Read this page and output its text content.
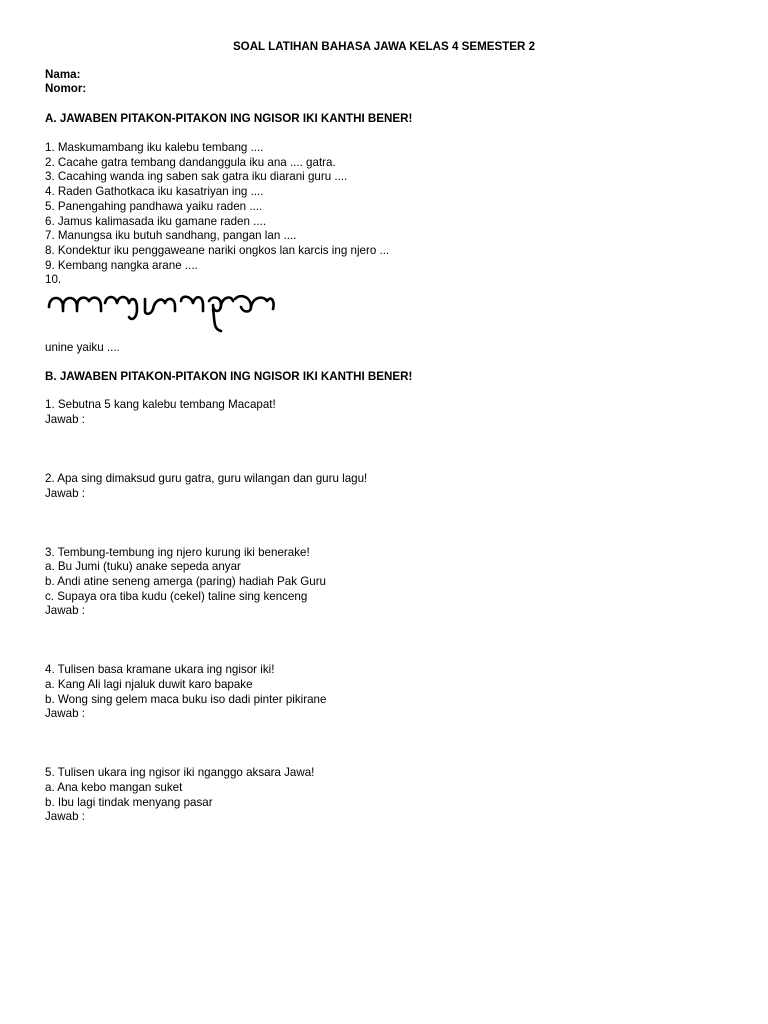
SOAL LATIHAN BAHASA JAWA KELAS 4 SEMESTER 2
Nama:
Nomor:
A. JAWABEN PITAKON-PITAKON ING NGISOR IKI KANTHI BENER!
1. Maskumambang iku kalebu tembang ....
2. Cacahe gatra tembang dandanggula iku ana .... gatra.
3. Cacahing wanda ing saben sak gatra iku diarani guru ....
4. Raden Gathotkaca iku kasatriyan ing ....
5. Panengahing pandhawa yaiku raden ....
6. Jamus kalimasada iku gamane raden ....
7. Manungsa iku butuh sandhang, pangan lan ....
8. Kondektur iku penggaweane nariki ongkos lan karcis ing njero ...
9. Kembang nangka arane ....
10.
unine yaiku ....
B. JAWABEN PITAKON-PITAKON ING NGISOR IKI KANTHI BENER!
1. Sebutna 5 kang kalebu tembang Macapat!
Jawab :
2. Apa sing dimaksud guru gatra, guru wilangan dan guru lagu!
Jawab :
3. Tembung-tembung ing njero kurung iki benerake!
a. Bu Jumi (tuku) anake sepeda anyar
b. Andi atine seneng amerga (paring) hadiah Pak Guru
c. Supaya ora tiba kudu (cekel) taline sing kenceng
Jawab :
4. Tulisen basa kramane ukara ing ngisor iki!
a. Kang Ali lagi njaluk duwit karo bapake
b. Wong sing gelem maca buku iso dadi pinter pikirane
Jawab :
5. Tulisen ukara ing ngisor iki nganggo aksara Jawa!
a. Ana kebo mangan suket
b. Ibu lagi tindak menyang pasar
Jawab :
